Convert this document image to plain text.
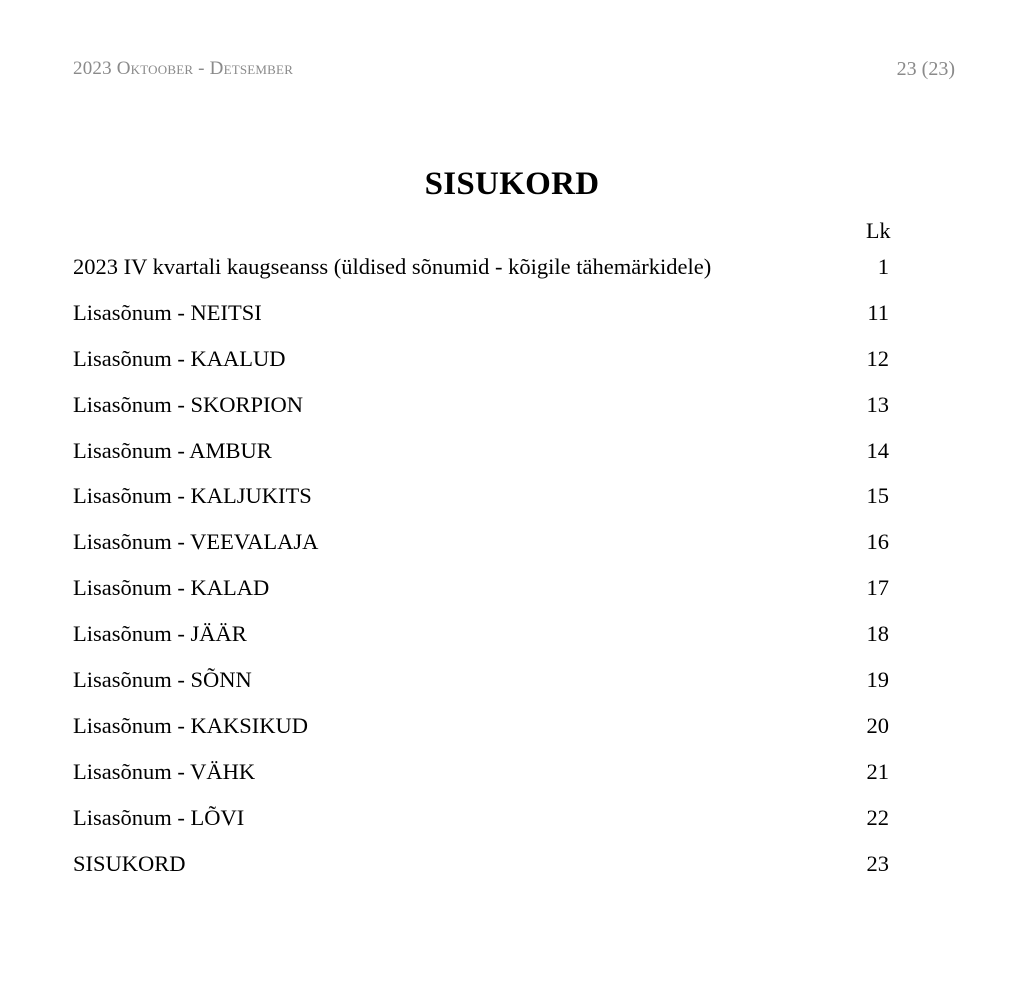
2023 Oktoober - Detsember	23 (23)
SISUKORD
Lk
2023 IV kvartali kaugseanss (üldised sõnumid - kõigile tähemärkidele)	1
Lisasõnum - NEITSI	11
Lisasõnum - KAALUD	12
Lisasõnum - SKORPION	13
Lisasõnum - AMBUR	14
Lisasõnum - KALJUKITS	15
Lisasõnum - VEEVALAJA	16
Lisasõnum - KALAD	17
Lisasõnum - JÄÄR	18
Lisasõnum - SÕNN	19
Lisasõnum - KAKSIKUD	20
Lisasõnum - VÄHK	21
Lisasõnum - LÕVI	22
SISUKORD	23
